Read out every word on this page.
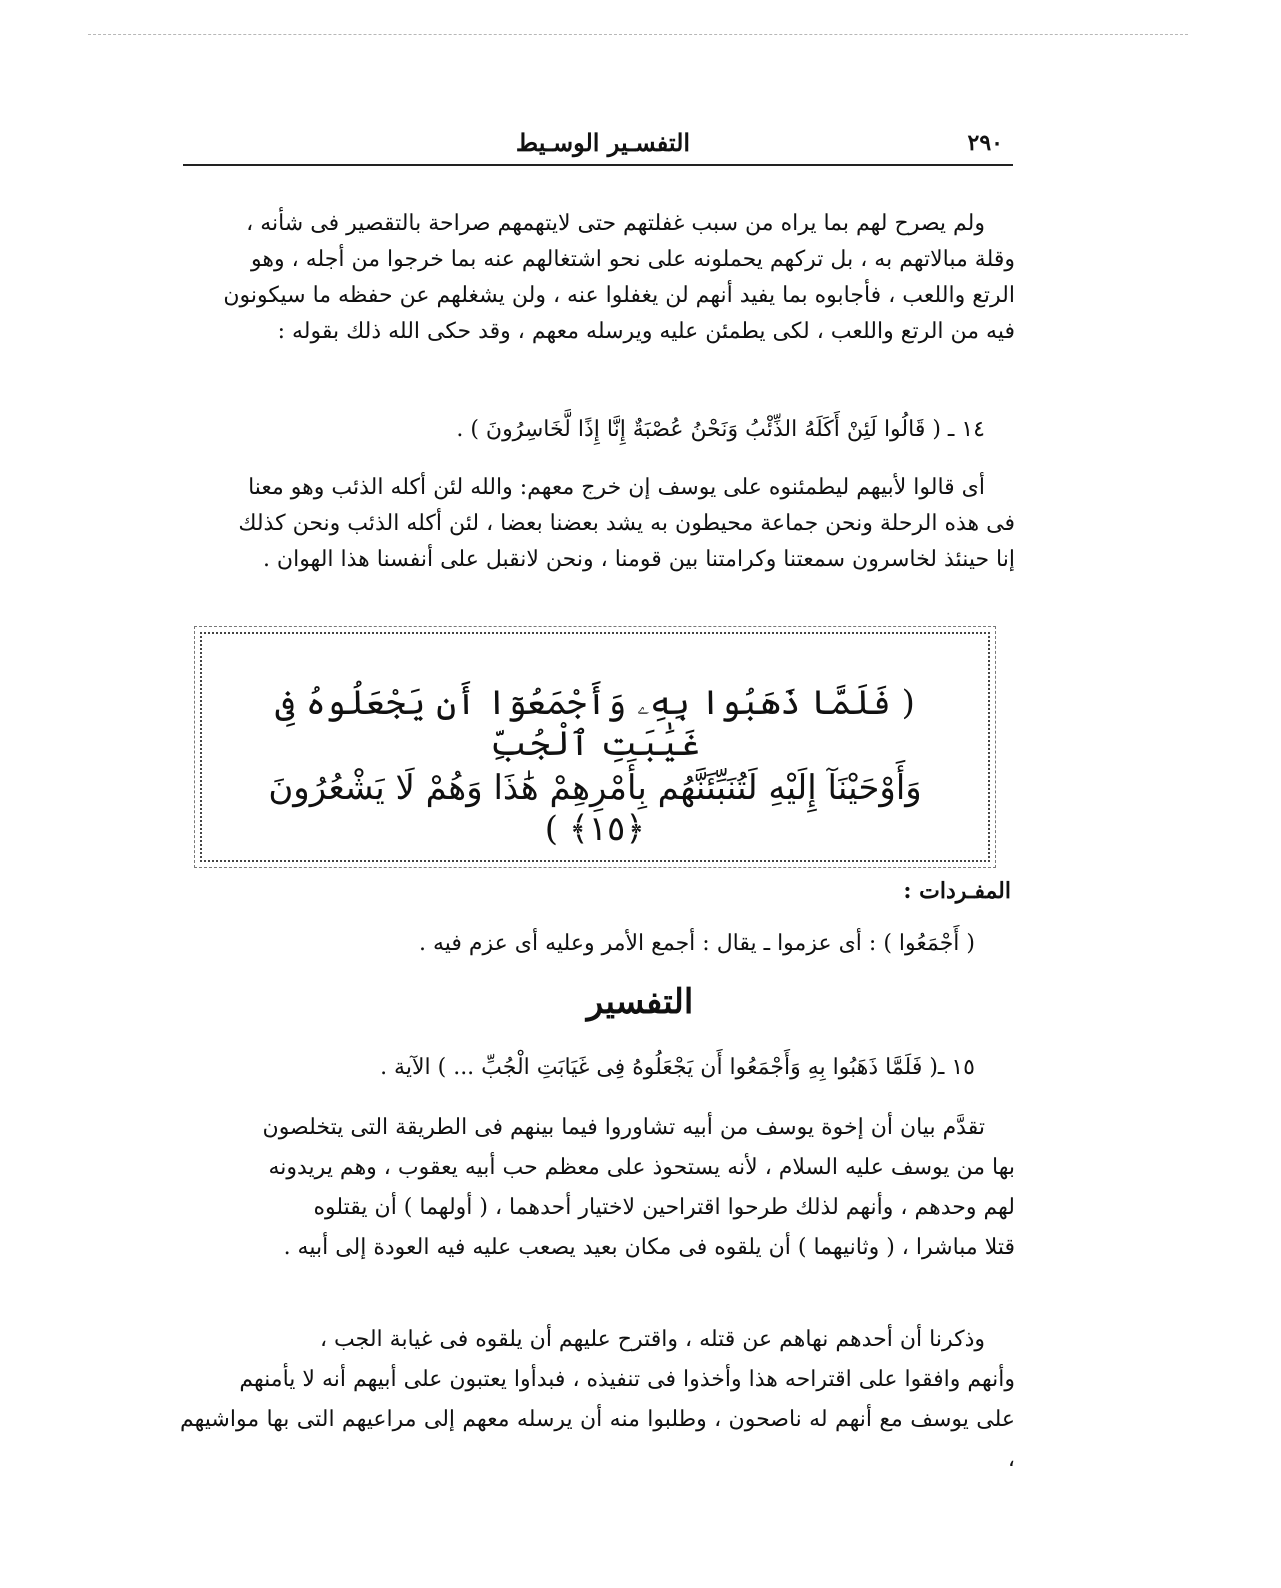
٢٩٠
التفسـير الوسـيط

ولم يصرح لهم بما يراه من سبب غفلتهم حتى لايتهمهم صراحة بالتقصير فى شأنه ،

وقلة مبالاتهم به ، بل تركهم يحملونه على نحو اشتغالهم عنه بما خرجوا من أجله ، وهو

الرتع واللعب ، فأجابوه بما يفيد أنهم لن يغفلوا عنه ، ولن يشغلهم عن حفظه ما سيكونون

فيه من الرتع واللعب ، لكى يطمئن عليه ويرسله معهم ، وقد حكى الله ذلك بقوله :

١٤ ـ ( قَالُوا لَئِنْ أَكَلَهُ الذِّئْبُ وَنَحْنُ عُصْبَةٌ إِنَّا إِذًا لَّخَاسِرُونَ ) .

أى قالوا لأبيهم ليطمئنوه على يوسف إن خرج معهم: والله لئن أكله الذئب وهو معنا

فى هذه الرحلة ونحن جماعة محيطون به يشد بعضنا بعضا ، لئن أكله الذئب ونحن كذلك

إنا حينئذ لخاسرون سمعتنا وكرامتنا بين قومنا ، ونحن لانقبل على أنفسنا هذا الهوان .

( فَلَمَّا ذَهَبُوا بِهِۦ وَأَجْمَعُوٓا أَن يَجْعَلُوهُ فِى غَيَٰبَتِ ٱلْجُبِّ
وَأَوْحَيْنَآ إِلَيْهِ لَتُنَبِّئَنَّهُم بِأَمْرِهِمْ هَٰذَا وَهُمْ لَا يَشْعُرُونَ ﴿١٥﴾ )
المفـردات :

( أَجْمَعُوا ) : أى عزموا ـ يقال : أجمع الأمر وعليه أى عزم فيه .

التفسير

١٥ ـ( فَلَمَّا ذَهَبُوا بِهِ وَأَجْمَعُوا أَن يَجْعَلُوهُ فِى غَيَابَتِ الْجُبِّ ... ) الآية .

تقدَّم بيان أن إخوة يوسف من أبيه تشاوروا فيما بينهم فى الطريقة التى يتخلصون

بها من يوسف عليه السلام ، لأنه يستحوذ على معظم حب أبيه يعقوب ، وهم يريدونه

لهم وحدهم ، وأنهم لذلك طرحوا اقتراحين لاختيار أحدهما ، ( أولهما ) أن يقتلوه

قتلا مباشرا ، ( وثانيهما ) أن يلقوه فى مكان بعيد يصعب عليه فيه العودة إلى أبيه .

وذكرنا أن أحدهم نهاهم عن قتله ، واقترح عليهم أن يلقوه فى غيابة الجب ،

وأنهم وافقوا على اقتراحه هذا وأخذوا فى تنفيذه ، فبدأوا يعتبون على أبيهم أنه لا يأمنهم

على يوسف مع أنهم له ناصحون ، وطلبوا منه أن يرسله معهم إلى مراعيهم التى بها مواشيهم ،
